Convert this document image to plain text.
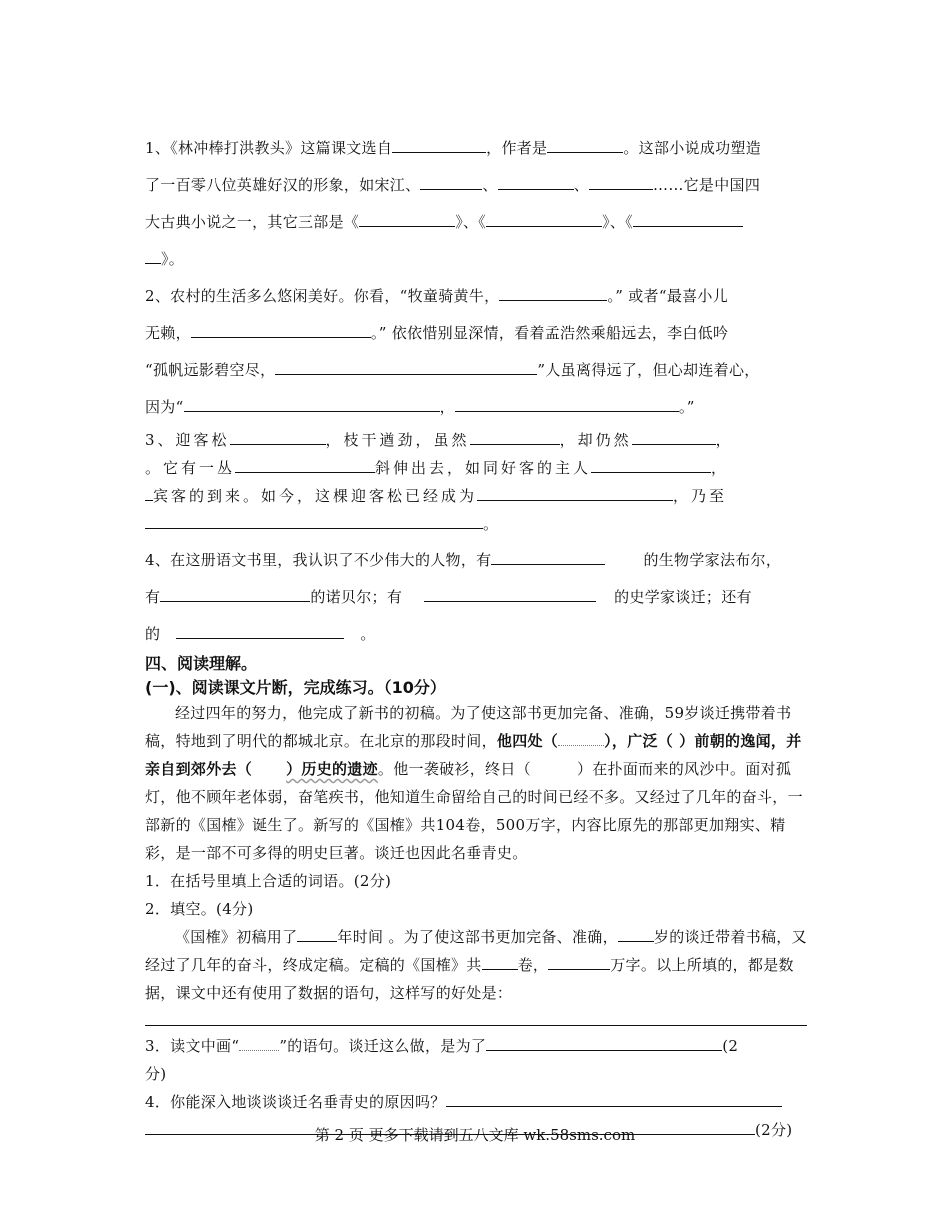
1、《林冲棒打洪教头》这篇课文选自	，作者是	。这部小说成功塑造
了一百零八位英雄好汉的形象，如宋江、	、	、	……它是中国四
大古典小说之一，其它三部是《	》、《	》、《
》。

2、农村的生活多么悠闲美好。你看，“牧童骑黄牛，	。” 或者“最喜小儿
无赖，	。” 依依惜别显深情，看着孟浩然乘船远去，李白低吟
“孤帆远影碧空尽，	”人虽离得远了，但心却连着心，
因为“	，	。”

3、迎客松	，枝干遒劲，虽然	，却仍然	，
。它有一丛	斜伸出去，如同好客的主人	，
宾客的到来。如今，这棵迎客松已经成为	，乃至
。

4、在这册语文书里，我认识了不少伟大的人物，有	的生物学家法布尔，
有	的诺贝尔；有	的史学家谈迁；还有
的	。

四、阅读理解。

(一)、阅读课文片断，完成练习。（10分）

经过四年的努力，他完成了新书的初稿。为了使这部书更加完备、准确，59岁谈迁携带着书稿，特地到了明代的都城北京。在北京的那段时间，他四处（	），广泛（ ）前朝的逸闻，并亲自到郊外去（ ）历史的遗迹。他一袭破衫，终日（	）在扑面而来的风沙中。面对孤灯，他不顾年老体弱，奋笔疾书，他知道生命留给自己的时间已经不多。又经过了几年的奋斗，一部新的《国榷》诞生了。新写的《国榷》共104卷，500万字，内容比原先的那部更加翔实、精彩，是一部不可多得的明史巨著。谈迁也因此名垂青史。

1．在括号里填上合适的词语。(2分)

2．填空。(4分)

《国榷》初稿用了	年时间 。为了使这部书更加完备、准确， 岁的谈迁带着书稿，又经过了几年的奋斗，终成定稿。定稿的《国榷》共 卷，	万字。以上所填的，都是数据，课文中还有使用了数据的语句，这样写的好处是：

3．读文中画“	”的语句。谈迁这么做，是为了	(2
分)

4．你能深入地谈谈谈迁名垂青史的原因吗？
(2分)

第 2 页 更多下载请到五八文库 wk.58sms.com
